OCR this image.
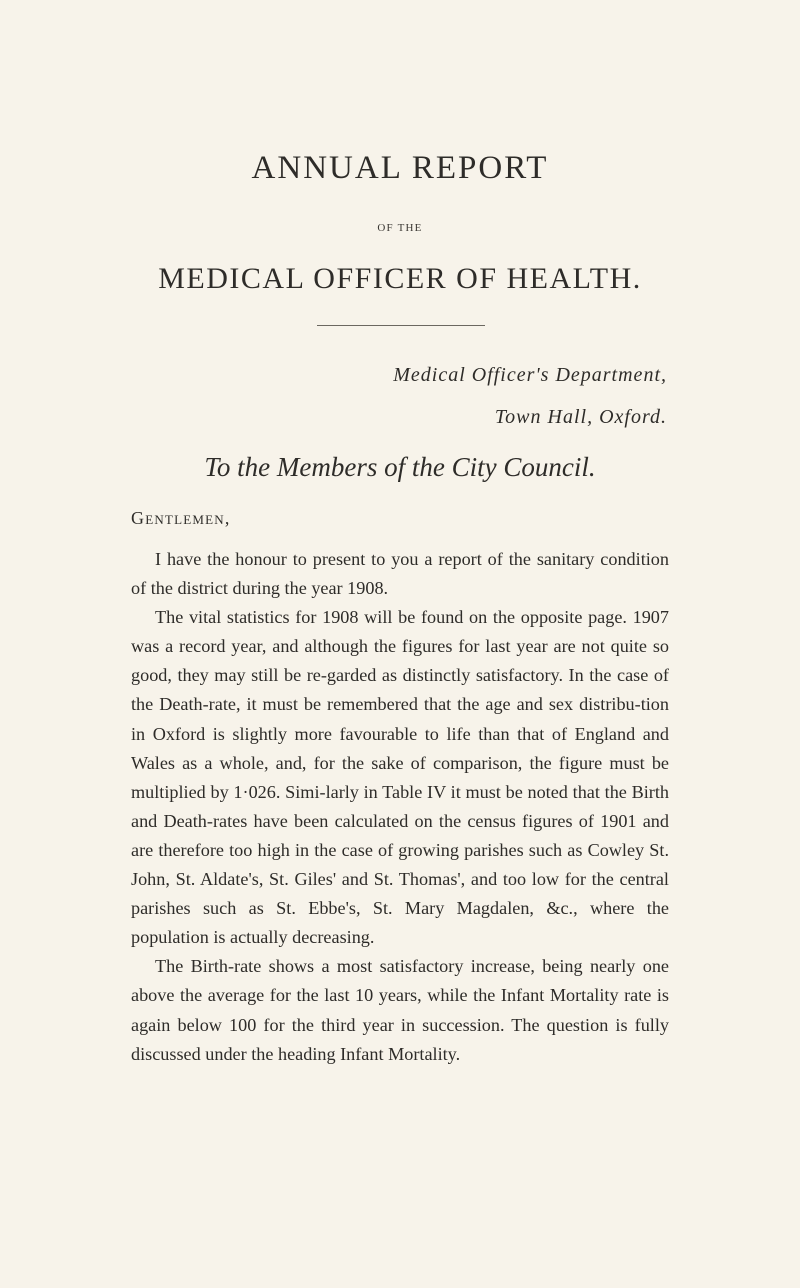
ANNUAL REPORT
OF THE
MEDICAL OFFICER OF HEALTH.
Medical Officer's Department,
Town Hall, Oxford.
To the Members of the City Council.
Gentlemen,

I have the honour to present to you a report of the sanitary condition of the district during the year 1908.

The vital statistics for 1908 will be found on the opposite page. 1907 was a record year, and although the figures for last year are not quite so good, they may still be re-garded as distinctly satisfactory. In the case of the Death-rate, it must be remembered that the age and sex distribu-tion in Oxford is slightly more favourable to life than that of England and Wales as a whole, and, for the sake of comparison, the figure must be multiplied by 1·026. Simi-larly in Table IV it must be noted that the Birth and Death-rates have been calculated on the census figures of 1901 and are therefore too high in the case of growing parishes such as Cowley St. John, St. Aldate's, St. Giles' and St. Thomas', and too low for the central parishes such as St. Ebbe's, St. Mary Magdalen, &c., where the population is actually decreasing.

The Birth-rate shows a most satisfactory increase, being nearly one above the average for the last 10 years, while the Infant Mortality rate is again below 100 for the third year in succession. The question is fully discussed under the heading Infant Mortality.
